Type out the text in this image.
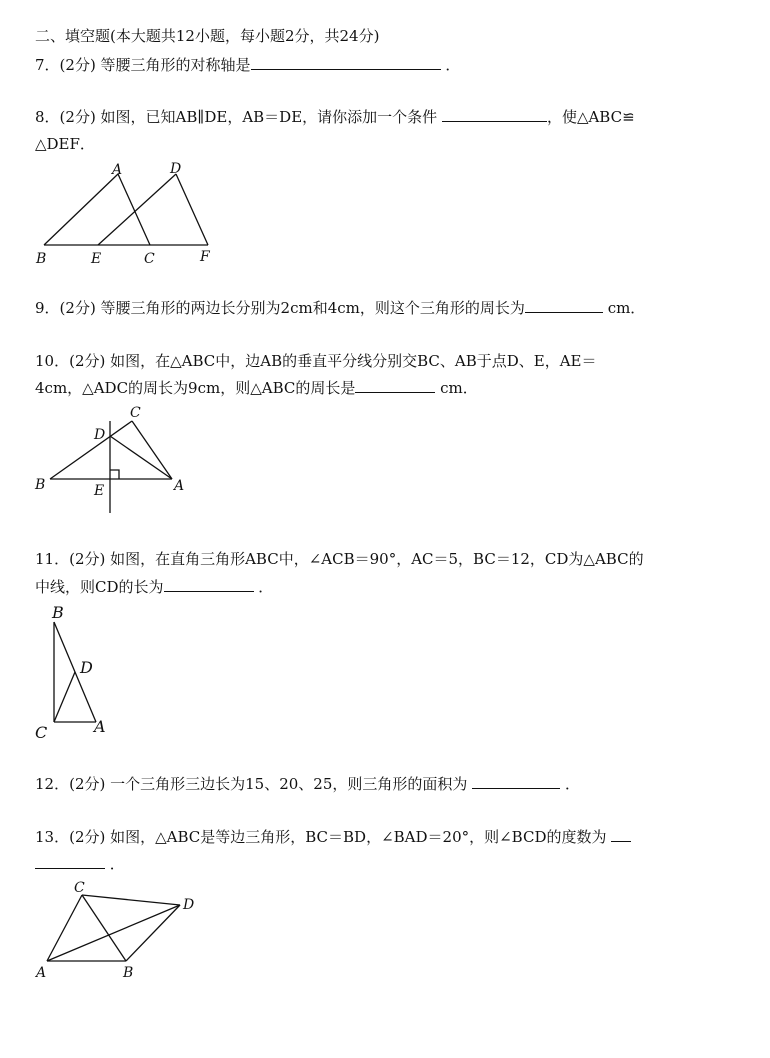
二、填空题(本大题共12小题，每小题2分，共24分)
7．(2分) 等腰三角形的对称轴是	．
8．(2分) 如图，已知AB∥DE，AB＝DE，请你添加一个条件	，使△ABC≌
△DEF．
A	D
B	E	C	F
9．(2分) 等腰三角形的两边长分别为2cm和4cm，则这个三角形的周长为	cm．
10．(2分) 如图，在△ABC中，边AB的垂直平分线分别交BC、AB于点D、E，AE＝
4cm，△ADC的周长为9cm，则△ABC的周长是	cm．
C
D
B	E	A
11．(2分) 如图，在直角三角形ABC中，∠ACB＝90°，AC＝5，BC＝12，CD为△ABC的
中线，则CD的长为	．
B
D
C	A
12．(2分) 一个三角形三边长为15、20、25，则三角形的面积为	．
13．(2分) 如图，△ABC是等边三角形，BC＝BD，∠BAD＝20°，则∠BCD的度数为
．
C
D
A	B
